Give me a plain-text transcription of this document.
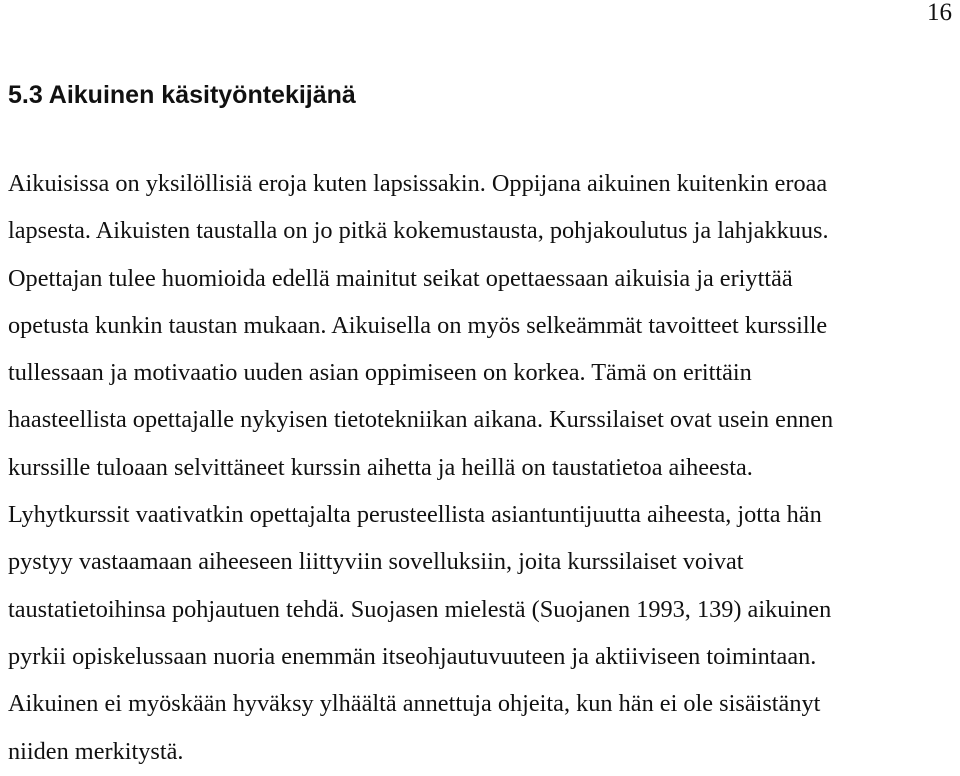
16
5.3 Aikuinen käsityöntekijänä

Aikuisissa on yksilöllisiä eroja kuten lapsissakin. Oppijana aikuinen kuitenkin eroaa
lapsesta. Aikuisten taustalla on jo pitkä kokemustausta, pohjakoulutus ja lahjakkuus.
Opettajan tulee huomioida edellä mainitut seikat opettaessaan aikuisia ja eriyttää
opetusta kunkin taustan mukaan. Aikuisella on myös selkeämmät tavoitteet kurssille
tullessaan ja motivaatio uuden asian oppimiseen on korkea. Tämä on erittäin
haasteellista opettajalle nykyisen tietotekniikan aikana. Kurssilaiset ovat usein ennen
kurssille tuloaan selvittäneet kurssin aihetta ja heillä on taustatietoa aiheesta.
Lyhytkurssit vaativatkin opettajalta perusteellista asiantuntijuutta aiheesta, jotta hän
pystyy vastaamaan aiheeseen liittyviin sovelluksiin, joita kurssilaiset voivat
taustatietoihinsa pohjautuen tehdä. Suojasen mielestä (Suojanen 1993, 139) aikuinen
pyrkii opiskelussaan nuoria enemmän itseohjautuvuuteen ja aktiiviseen toimintaan.
Aikuinen ei myöskään hyväksy ylhäältä annettuja ohjeita, kun hän ei ole sisäistänyt
niiden merkitystä.
